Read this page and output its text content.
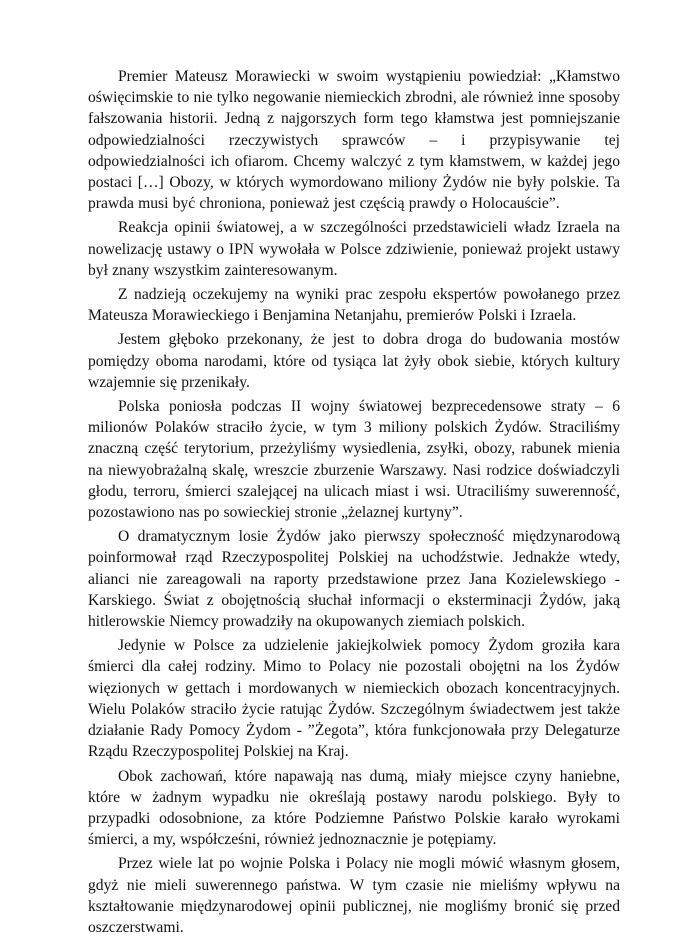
Premier Mateusz Morawiecki w swoim wystąpieniu powiedział: „Kłamstwo oświęcimskie to nie tylko negowanie niemieckich zbrodni, ale również inne sposoby fałszowania historii. Jedną z najgorszych form tego kłamstwa jest pomniejszanie odpowiedzialności rzeczywistych sprawców – i przypisywanie tej odpowiedzialności ich ofiarom. Chcemy walczyć z tym kłamstwem, w każdej jego postaci […] Obozy, w których wymordowano miliony Żydów nie były polskie. Ta prawda musi być chroniona, ponieważ jest częścią prawdy o Holocauście”.

Reakcja opinii światowej, a w szczególności przedstawicieli władz Izraela na nowelizację ustawy o IPN wywołała w Polsce zdziwienie, ponieważ projekt ustawy był znany wszystkim zainteresowanym.

Z nadzieją oczekujemy na wyniki prac zespołu ekspertów powołanego przez Mateusza Morawieckiego i Benjamina Netanjahu, premierów Polski i Izraela.

Jestem głęboko przekonany, że jest to dobra droga do budowania mostów pomiędzy oboma narodami, które od tysiąca lat żyły obok siebie, których kultury wzajemnie się przenikały.

Polska poniosła podczas II wojny światowej bezprecedensowe straty – 6 milionów Polaków straciło życie, w tym 3 miliony polskich Żydów. Straciliśmy znaczną część terytorium, przeżyliśmy wysiedlenia, zsyłki, obozy, rabunek mienia na niewyobrażalną skalę, wreszcie zburzenie Warszawy. Nasi rodzice doświadczyli głodu, terroru, śmierci szalejącej na ulicach miast i wsi. Utraciliśmy suwerenność, pozostawiono nas po sowieckiej stronie „żelaznej kurtyny”.

O dramatycznym losie Żydów jako pierwszy społeczność międzynarodową poinformował rząd Rzeczypospolitej Polskiej na uchodźstwie. Jednakże wtedy, alianci nie zareagowali na raporty przedstawione przez Jana Kozielewskiego - Karskiego. Świat z obojętnością słuchał informacji o eksterminacji Żydów, jaką hitlerowskie Niemcy prowadziły na okupowanych ziemiach polskich.

Jedynie w Polsce za udzielenie jakiejkolwiek pomocy Żydom groziła kara śmierci dla całej rodziny. Mimo to Polacy nie pozostali obojętni na los Żydów więzionych w gettach i mordowanych w niemieckich obozach koncentracyjnych. Wielu Polaków straciło życie ratując Żydów. Szczególnym świadectwem jest także działanie Rady Pomocy Żydom - ”Żegota”, która funkcjonowała przy Delegaturze Rządu Rzeczypospolitej Polskiej na Kraj.

Obok zachowań, które napawają nas dumą, miały miejsce czyny haniebne, które w żadnym wypadku nie określają postawy narodu polskiego. Były to przypadki odosobnione, za które Podziemne Państwo Polskie karało wyrokami śmierci, a my, współcześni, również jednoznacznie je potępiamy.

Przez wiele lat po wojnie Polska i Polacy nie mogli mówić własnym głosem, gdyż nie mieli suwerennego państwa. W tym czasie nie mieliśmy wpływu na kształtowanie międzynarodowej opinii publicznej, nie mogliśmy bronić się przed oszczerstwami.
